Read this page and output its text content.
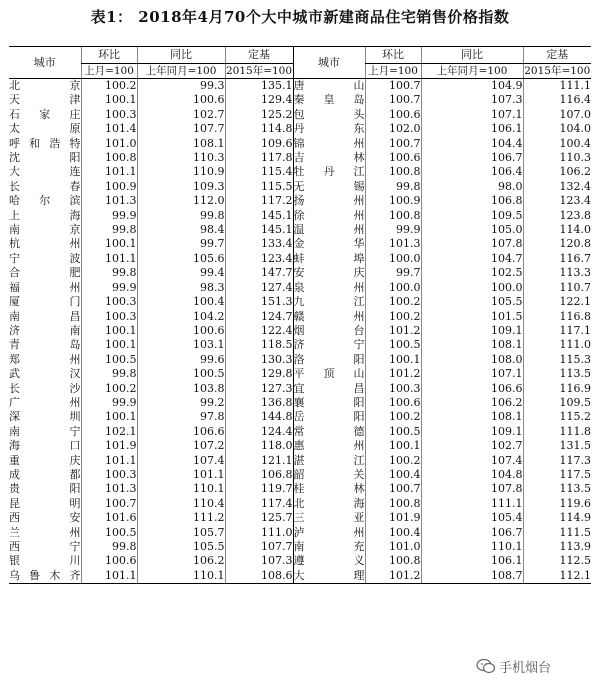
表1： 2018年4月70个大中城市新建商品住宅销售价格指数
城市	环比	同比	定基	城市	环比	同比	定基
	上月=100	上年同月=100	2015年=100		上月=100	上年同月=100	2015年=100
北京	100.2	99.3	135.1	唐山	100.7	104.9	111.1
天津	100.1	100.6	129.4	秦皇岛	100.7	107.3	116.4
石家庄	100.3	102.7	125.2	包头	100.6	107.1	107.0
太原	101.4	107.7	114.8	丹东	102.0	106.1	104.0
呼和浩特	101.0	108.1	109.6	锦州	100.7	104.4	100.4
沈阳	100.8	110.3	117.8	吉林	100.6	106.7	110.3
大连	101.1	110.9	115.4	牡丹江	100.8	106.4	106.2
长春	100.9	109.3	115.5	无锡	99.8	98.0	132.4
哈尔滨	101.3	112.0	117.2	扬州	100.9	106.8	123.4
上海	99.9	99.8	145.1	徐州	100.8	109.5	123.8
南京	99.8	98.4	145.1	温州	99.9	105.0	114.0
杭州	100.1	99.7	133.4	金华	101.3	107.8	120.8
宁波	101.1	105.6	123.4	蚌埠	100.0	104.7	116.7
合肥	99.8	99.4	147.7	安庆	99.7	102.5	113.3
福州	99.9	98.3	127.4	泉州	100.0	100.0	110.7
厦门	100.3	100.4	151.3	九江	100.2	105.5	122.1
南昌	100.3	104.2	124.7	赣州	100.2	101.5	116.8
济南	100.1	100.6	122.4	烟台	101.2	109.1	117.1
青岛	100.1	103.1	118.5	济宁	100.5	108.1	111.0
郑州	100.5	99.6	130.3	洛阳	100.1	108.0	115.3
武汉	99.8	100.5	129.8	平顶山	101.2	107.1	113.5
长沙	100.2	103.8	127.3	宜昌	100.3	106.6	116.9
广州	99.9	99.2	136.8	襄阳	100.6	106.2	109.5
深圳	100.1	97.8	144.8	岳阳	100.2	108.1	115.2
南宁	102.1	106.6	124.4	常德	100.5	109.1	111.8
海口	101.9	107.2	118.0	惠州	100.1	102.7	131.5
重庆	101.1	107.4	121.1	湛江	100.2	107.4	117.3
成都	100.3	101.1	106.8	韶关	100.4	104.8	117.5
贵阳	101.3	110.1	119.7	桂林	100.7	107.8	113.5
昆明	100.7	110.4	117.4	北海	100.8	111.1	119.6
西安	101.6	111.2	125.7	三亚	101.9	105.4	114.9
兰州	100.5	105.7	111.0	泸州	100.4	106.7	111.5
西宁	99.8	105.5	107.7	南充	101.0	110.1	113.9
银川	100.6	106.2	107.3	遵义	100.8	106.1	112.5
乌鲁木齐	101.1	110.1	108.6	大理	101.2	108.7	112.1
手机烟台
